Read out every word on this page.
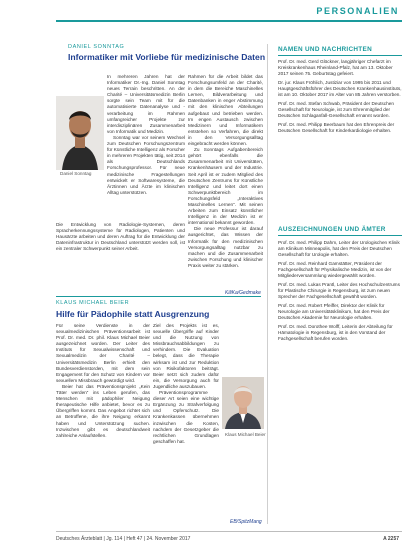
PERSONALIEN
DANIEL SONNTAG
Informatiker mit Vorliebe für medizinische Daten
Daniel Sonntag

In mehreren Jahren hat der Informatiker Dr.-Ing. Daniel Sonntag neues Terrain beschritten. An der Charité – Universitätsmedizin Berlin sorgte sein Team mit für die automatisierte Datenanalyse und -verarbeitung im Rahmen umfangreicher Projekte zur interdisziplinären Zusammenarbeit von Informatik und Medizin.

Sonntag war vor seinem Wechsel zum Deutschen Forschungszentrum für Künstliche Intelligenz als Forscher in mehreren Projekten tätig, seit 2014 als Deutschlands Forschungsprofessor. Für neue medizinische Fragestellungen entwickelt er Softwaresysteme, die Ärztinnen und Ärzte im klinischen Alltag unterstützen.

Die Entwicklung von Radiologie-Systemen, deren Spracherkennungssysteme für Radiologen, Patienten und Hausärzte arbeiten und deren Auftrag für die Entwicklung der Dateninfrastruktur in Deutschland unterstützt werden soll, ist ein zentraler Schwerpunkt seiner Arbeit.

Rahmen für die Arbeit bildet das Forschungsumfeld an der Charité, in dem die Bereiche Maschinelles Lernen, Bildverarbeitung und Datenbanken in enger Abstimmung mit den klinischen Abteilungen aufgebaut und betrieben werden. Im engen Austausch zwischen Medizinern und Informatikern entstehen so Verfahren, die direkt in den Versorgungsalltag eingebracht werden können.

Zu Sonntags Aufgabenbereich gehört ebenfalls die Zusammenarbeit mit Universitäten, Krankenhäusern und der Industrie. Seit April ist er zudem Mitglied des Deutschen Zentrums für Künstliche Intelligenz und leitet dort einen Schwerpunktbereich im Forschungsfeld „Interaktives Maschinelles Lernen“. Mit seinen Arbeiten zum Einsatz künstlicher Intelligenz in der Medizin ist er international bekannt geworden.

Die neue Professur ist darauf ausgerichtet, das Wissen der Informatik für den medizinischen Versorgungsalltag nutzbar zu machen und die Zusammenarbeit zwischen Forschung und klinischer Praxis weiter zu stärken.

KiliKa/Gedmake
KLAUS MICHAEL BEIER
Hilfe für Pädophile statt Ausgrenzung

Für seine Verdienste in der sexualmedizinischen Präventionsarbeit ist Prof. Dr. med. Dr. phil. Klaus Michael Beier ausgezeichnet worden. Der Leiter des Instituts für Sexualwissenschaft und Sexualmedizin der Charité – Universitätsmedizin Berlin erhielt den Bundesverdienstorden, mit dem sein Engagement für den Schutz von Kindern vor sexuellem Missbrauch gewürdigt wird.

Beier hat das Präventionsprojekt „Kein Täter werden“ ins Leben gerufen, das Menschen mit pädophiler Neigung therapeutische Hilfe anbietet, bevor es zu Übergriffen kommt. Das Angebot richtet sich an Betroffene, die ihre Neigung erkannt haben und Unterstützung suchen. Inzwischen gibt es deutschlandweit zahlreiche Anlaufstellen.

Ziel des Projekts ist es, sexuelle Übergriffe auf Kinder und die Nutzung von Missbrauchsabbildungen zu verhindern. Die Evaluation belegt, dass die Therapie wirksam ist und zur Reduktion von Risikofaktoren beiträgt. Beier setzt sich zudem dafür ein, die Versorgung auch für Jugendliche auszubauen.

Präventionsprogramme dieser Art seien eine wichtige Ergänzung zu Strafverfolgung und Opferschutz. Die Krankenkassen übernehmen inzwischen die Kosten, nachdem der Gesetzgeber die rechtlichen Grundlagen geschaffen hat.

Klaus Michael Beier
EB/SpitzMang
NAMEN UND NACHRICHTEN

Prof. Dr. med. Gerd Glöckner, langjähriger Chefarzt im Kreiskrankenhaus Rheinland-Pfalz, hat am 13. Oktober 2017 seinen 75. Geburtstag gefeiert.

Dr. jur. Klaus Fröhlich, Justiziar von 1995 bis 2011 und Hauptgeschäftsführer des Deutschen Krankenhausinstituts, ist am 10. Oktober 2017 im Alter von 85 Jahren verstorben.

Prof. Dr. med. Stefan Schwab, Präsident der Deutschen Gesellschaft für Neurologie, ist zum Ehrenmitglied der Deutschen Schlaganfall-Gesellschaft ernannt worden.

Prof. Dr. med. Philipp Beerbaum hat den Ehrenpreis der Deutschen Gesellschaft für Kinderkardiologie erhalten.

AUSZEICHNUNGEN UND ÄMTER

Prof. Dr. med. Philipp Dahm, Leiter der Urologischen Klinik am Klinikum Minneapolis, hat den Preis der Deutschen Gesellschaft für Urologie erhalten.

Prof. Dr. med. Reinhard Gamstätter, Präsident der Fachgesellschaft für Physikalische Medizin, ist von der Mitgliederversammlung wiedergewählt worden.

Prof. Dr. med. Lukas Prantl, Leiter des Hochschulzentrums für Plastische Chirurgie in Regensburg, ist zum neuen Sprecher der Fachgesellschaft gewählt worden.

Prof. Dr. med. Robert Pfeiffer, Direktor der Klinik für Neurologie am Universitätsklinikum, hat den Preis der Deutschen Akademie für Neurologie erhalten.

Prof. Dr. med. Dorothee Wolff, Leiterin der Abteilung für Hämatologie in Regensburg, ist in den Vorstand der Fachgesellschaft berufen worden.

Deutsches Ärzteblatt | Jg. 114 | Heft 47 | 24. November 2017	A 2257
